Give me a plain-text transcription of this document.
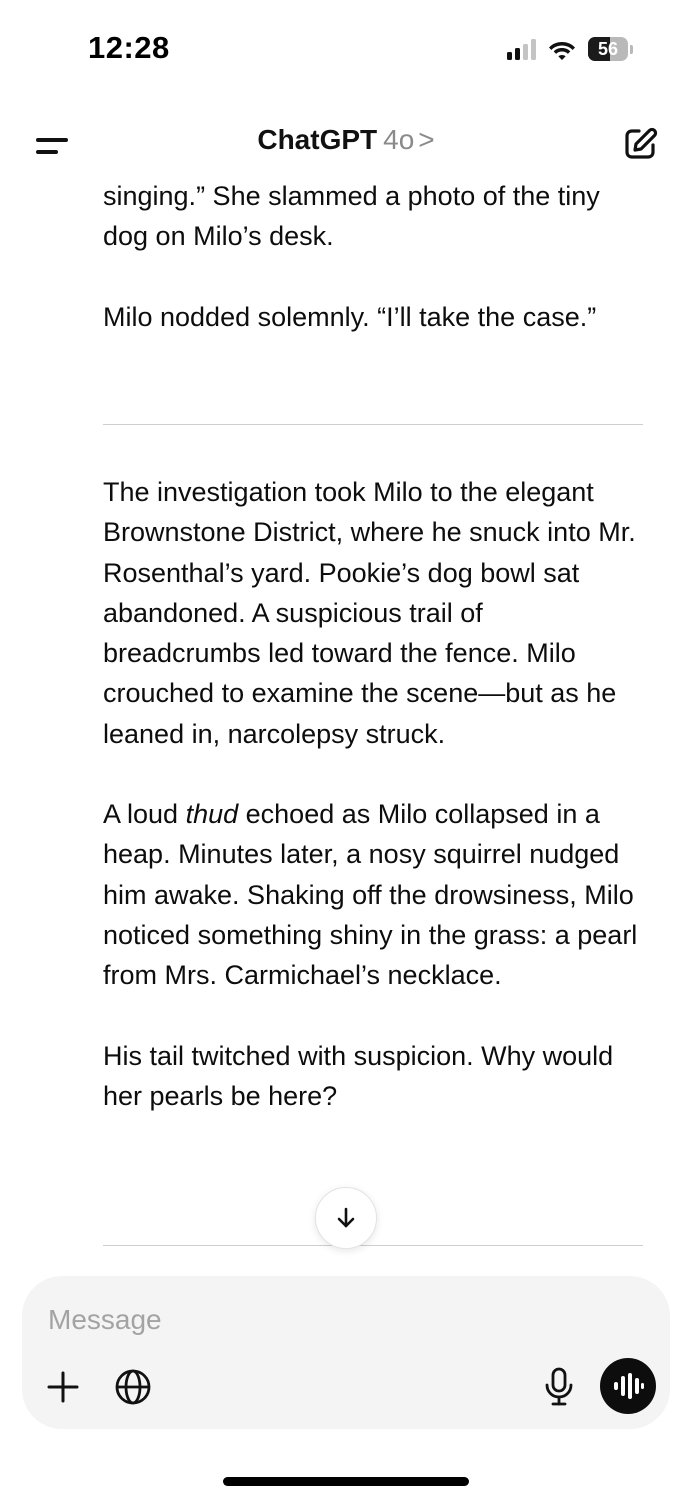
12:28	56
ChatGPT 4o >

singing.” She slammed a photo of the tiny dog on Milo’s desk.

Milo nodded solemnly. “I’ll take the case.”

The investigation took Milo to the elegant Brownstone District, where he snuck into Mr. Rosenthal’s yard. Pookie’s dog bowl sat abandoned. A suspicious trail of breadcrumbs led toward the fence. Milo crouched to examine the scene—but as he leaned in, narcolepsy struck.

A loud thud echoed as Milo collapsed in a heap. Minutes later, a nosy squirrel nudged him awake. Shaking off the drowsiness, Milo noticed something shiny in the grass: a pearl from Mrs. Carmichael’s necklace.

His tail twitched with suspicion. Why would her pearls be here?

Message
